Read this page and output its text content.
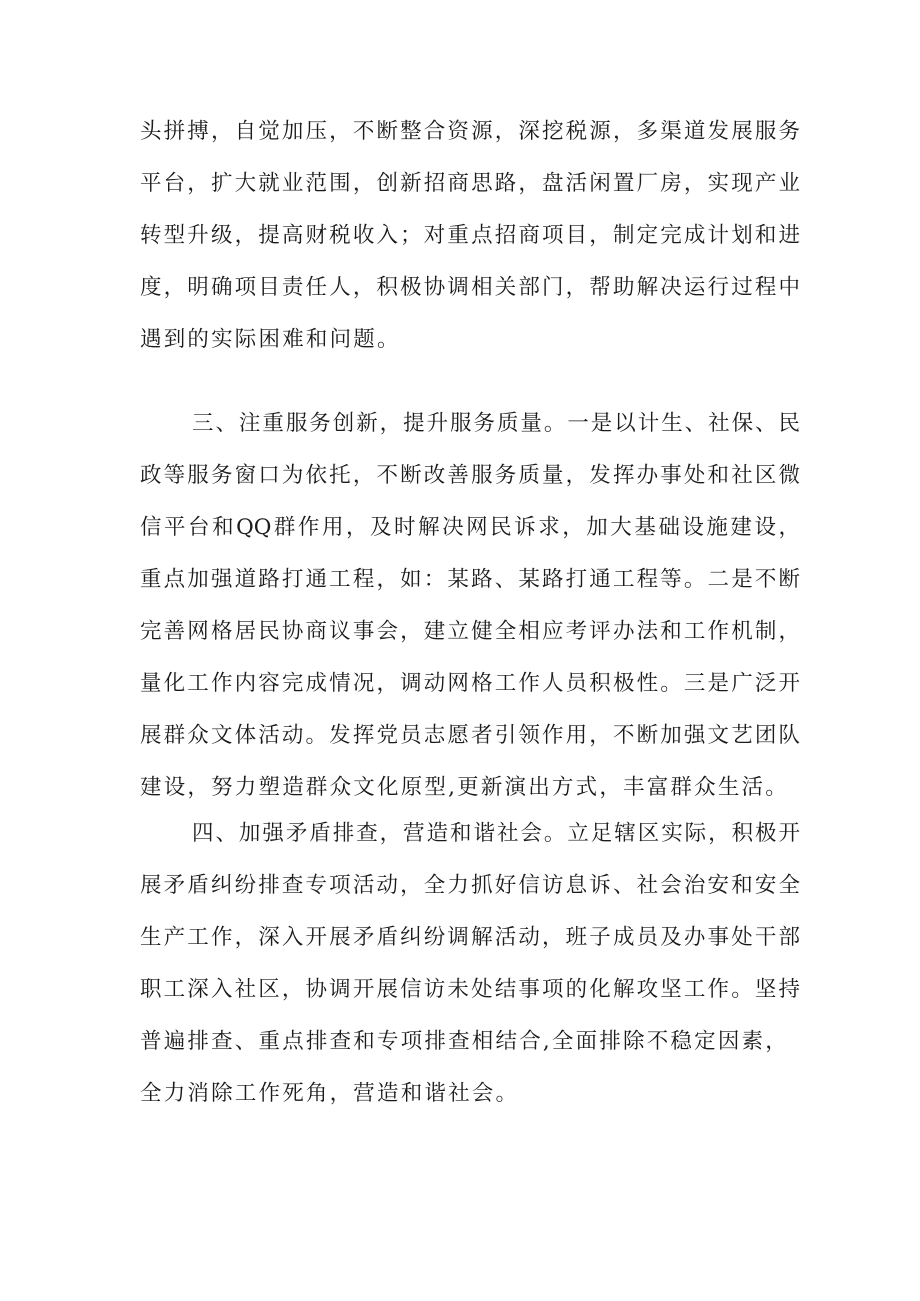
头拼搏，自觉加压，不断整合资源，深挖税源，多渠道发展服务
平台，扩大就业范围，创新招商思路，盘活闲置厂房，实现产业
转型升级，提高财税收入；对重点招商项目，制定完成计划和进
度，明确项目责任人，积极协调相关部门，帮助解决运行过程中
遇到的实际困难和问题。
三、注重服务创新，提升服务质量。一是以计生、社保、民
政等服务窗口为依托，不断改善服务质量，发挥办事处和社区微
信平台和QQ群作用，及时解决网民诉求，加大基础设施建设，
重点加强道路打通工程，如：某路、某路打通工程等。二是不断
完善网格居民协商议事会，建立健全相应考评办法和工作机制，
量化工作内容完成情况，调动网格工作人员积极性。三是广泛开
展群众文体活动。发挥党员志愿者引领作用，不断加强文艺团队
建设，努力塑造群众文化原型,更新演出方式，丰富群众生活。
四、加强矛盾排查，营造和谐社会。立足辖区实际，积极开
展矛盾纠纷排查专项活动，全力抓好信访息诉、社会治安和安全
生产工作，深入开展矛盾纠纷调解活动，班子成员及办事处干部
职工深入社区，协调开展信访未处结事项的化解攻坚工作。坚持
普遍排查、重点排查和专项排查相结合,全面排除不稳定因素，
全力消除工作死角，营造和谐社会。
